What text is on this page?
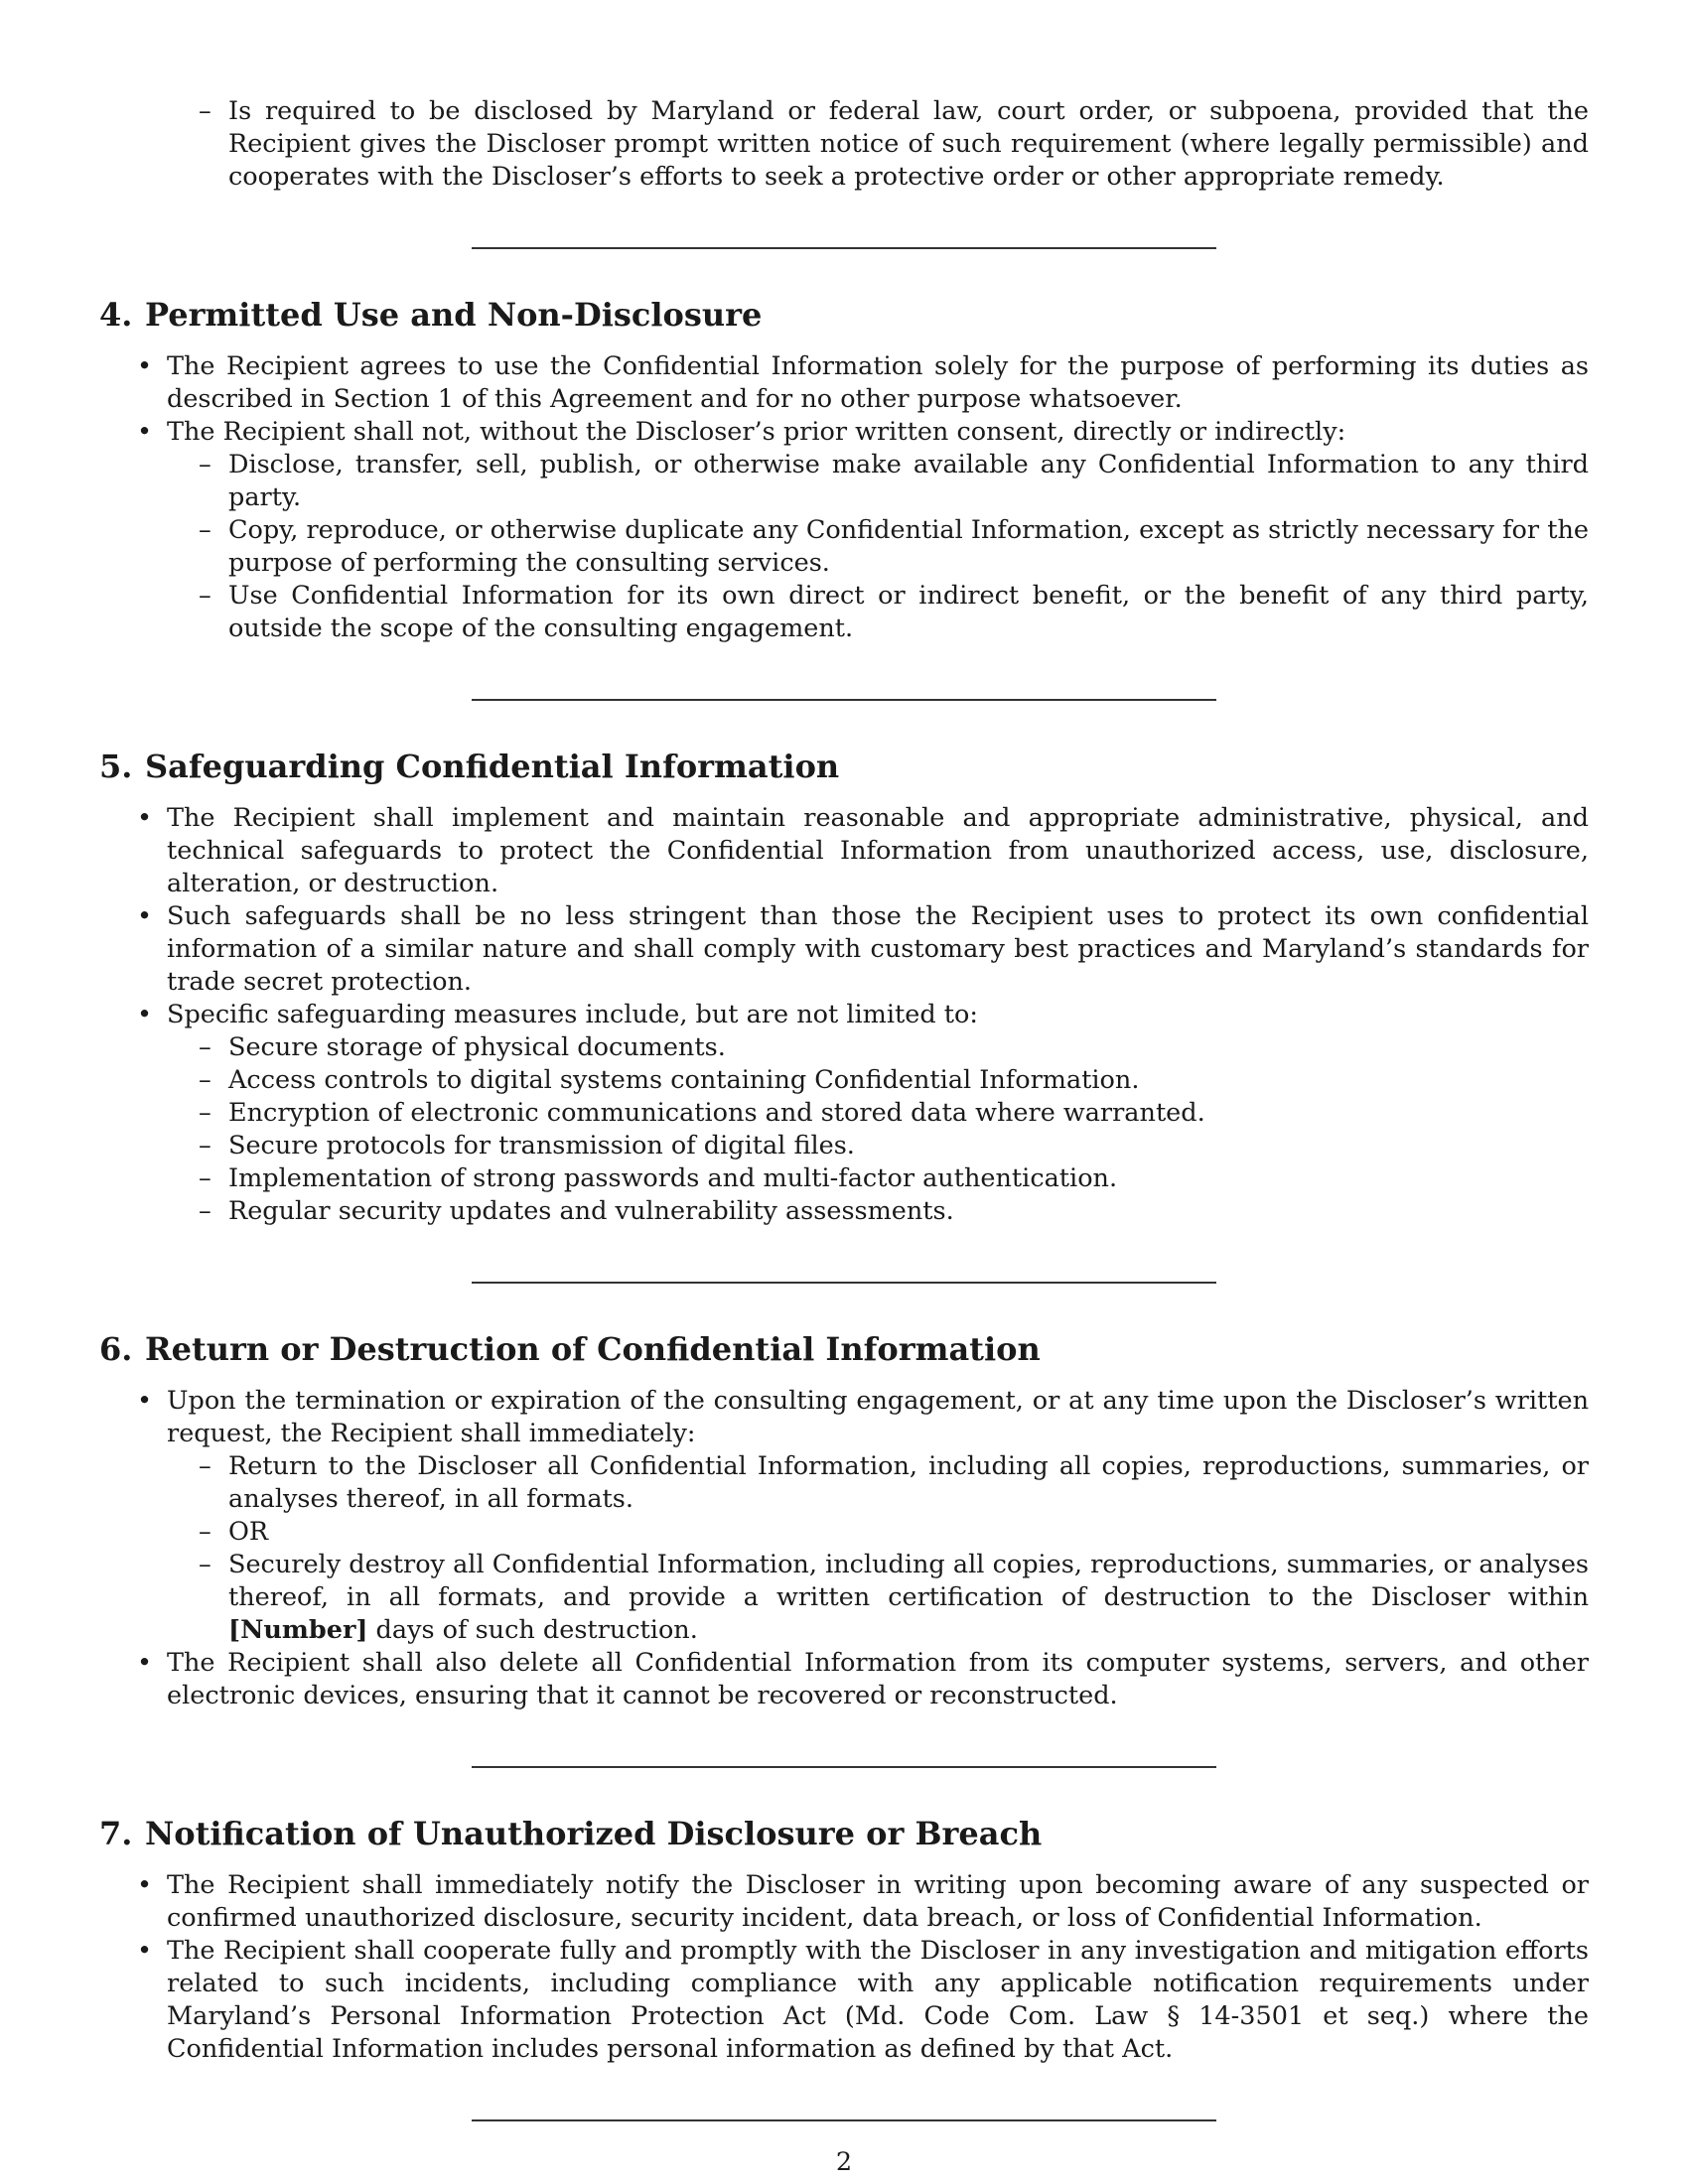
– Is required to be disclosed by Maryland or federal law, court order, or subpoena, provided that the Recipient gives the Discloser prompt written notice of such requirement (where legally permissible) and cooperates with the Discloser’s efforts to seek a protective order or other appropriate remedy.
4. Permitted Use and Non-Disclosure
• The Recipient agrees to use the Confidential Information solely for the purpose of performing its duties as described in Section 1 of this Agreement and for no other purpose whatsoever.
• The Recipient shall not, without the Discloser’s prior written consent, directly or indirectly:
– Disclose, transfer, sell, publish, or otherwise make available any Confidential Information to any third party.
– Copy, reproduce, or otherwise duplicate any Confidential Information, except as strictly necessary for the purpose of performing the consulting services.
– Use Confidential Information for its own direct or indirect benefit, or the benefit of any third party, outside the scope of the consulting engagement.
5. Safeguarding Confidential Information
• The Recipient shall implement and maintain reasonable and appropriate administrative, physical, and technical safeguards to protect the Confidential Information from unauthorized access, use, disclosure, alteration, or destruction.
• Such safeguards shall be no less stringent than those the Recipient uses to protect its own confidential information of a similar nature and shall comply with customary best practices and Maryland’s standards for trade secret protection.
• Specific safeguarding measures include, but are not limited to:
– Secure storage of physical documents.
– Access controls to digital systems containing Confidential Information.
– Encryption of electronic communications and stored data where warranted.
– Secure protocols for transmission of digital files.
– Implementation of strong passwords and multi-factor authentication.
– Regular security updates and vulnerability assessments.
6. Return or Destruction of Confidential Information
• Upon the termination or expiration of the consulting engagement, or at any time upon the Discloser’s written request, the Recipient shall immediately:
– Return to the Discloser all Confidential Information, including all copies, reproductions, summaries, or analyses thereof, in all formats.
– OR
– Securely destroy all Confidential Information, including all copies, reproductions, summaries, or analyses thereof, in all formats, and provide a written certification of destruction to the Discloser within [Number] days of such destruction.
• The Recipient shall also delete all Confidential Information from its computer systems, servers, and other electronic devices, ensuring that it cannot be recovered or reconstructed.
7. Notification of Unauthorized Disclosure or Breach
• The Recipient shall immediately notify the Discloser in writing upon becoming aware of any suspected or confirmed unauthorized disclosure, security incident, data breach, or loss of Confidential Information.
• The Recipient shall cooperate fully and promptly with the Discloser in any investigation and mitigation efforts related to such incidents, including compliance with any applicable notification requirements under Maryland’s Personal Information Protection Act (Md. Code Com. Law § 14-3501 et seq.) where the Confidential Information includes personal information as defined by that Act.
2
